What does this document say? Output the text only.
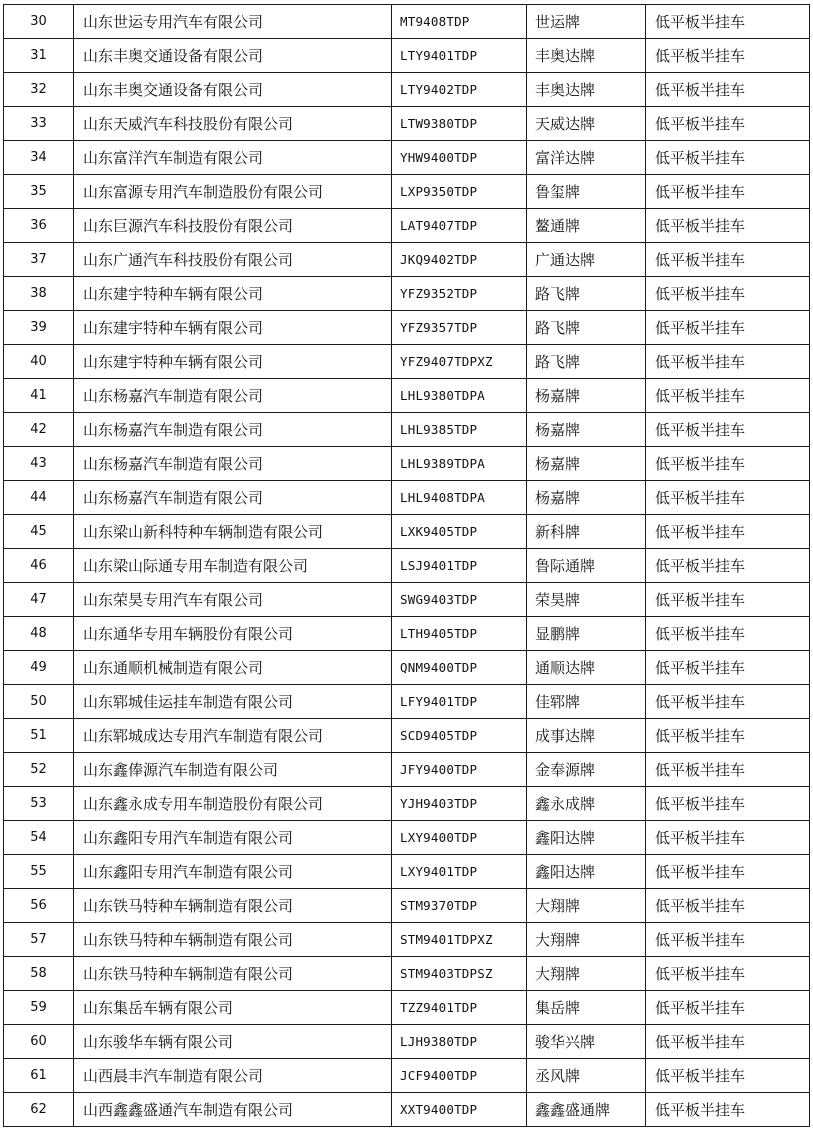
30	山东世运专用汽车有限公司	MT9408TDP	世运牌	低平板半挂车
31	山东丰奥交通设备有限公司	LTY9401TDP	丰奥达牌	低平板半挂车
32	山东丰奥交通设备有限公司	LTY9402TDP	丰奥达牌	低平板半挂车
33	山东天威汽车科技股份有限公司	LTW9380TDP	天威达牌	低平板半挂车
34	山东富洋汽车制造有限公司	YHW9400TDP	富洋达牌	低平板半挂车
35	山东富源专用汽车制造股份有限公司	LXP9350TDP	鲁玺牌	低平板半挂车
36	山东巨源汽车科技股份有限公司	LAT9407TDP	鳌通牌	低平板半挂车
37	山东广通汽车科技股份有限公司	JKQ9402TDP	广通达牌	低平板半挂车
38	山东建宇特种车辆有限公司	YFZ9352TDP	路飞牌	低平板半挂车
39	山东建宇特种车辆有限公司	YFZ9357TDP	路飞牌	低平板半挂车
40	山东建宇特种车辆有限公司	YFZ9407TDPXZ	路飞牌	低平板半挂车
41	山东杨嘉汽车制造有限公司	LHL9380TDPA	杨嘉牌	低平板半挂车
42	山东杨嘉汽车制造有限公司	LHL9385TDP	杨嘉牌	低平板半挂车
43	山东杨嘉汽车制造有限公司	LHL9389TDPA	杨嘉牌	低平板半挂车
44	山东杨嘉汽车制造有限公司	LHL9408TDPA	杨嘉牌	低平板半挂车
45	山东梁山新科特种车辆制造有限公司	LXK9405TDP	新科牌	低平板半挂车
46	山东梁山际通专用车制造有限公司	LSJ9401TDP	鲁际通牌	低平板半挂车
47	山东荣昊专用汽车有限公司	SWG9403TDP	荣昊牌	低平板半挂车
48	山东通华专用车辆股份有限公司	LTH9405TDP	显鹏牌	低平板半挂车
49	山东通顺机械制造有限公司	QNM9400TDP	通顺达牌	低平板半挂车
50	山东郓城佳运挂车制造有限公司	LFY9401TDP	佳郓牌	低平板半挂车
51	山东郓城成达专用汽车制造有限公司	SCD9405TDP	成事达牌	低平板半挂车
52	山东鑫俸源汽车制造有限公司	JFY9400TDP	金奉源牌	低平板半挂车
53	山东鑫永成专用车制造股份有限公司	YJH9403TDP	鑫永成牌	低平板半挂车
54	山东鑫阳专用汽车制造有限公司	LXY9400TDP	鑫阳达牌	低平板半挂车
55	山东鑫阳专用汽车制造有限公司	LXY9401TDP	鑫阳达牌	低平板半挂车
56	山东铁马特种车辆制造有限公司	STM9370TDP	大翔牌	低平板半挂车
57	山东铁马特种车辆制造有限公司	STM9401TDPXZ	大翔牌	低平板半挂车
58	山东铁马特种车辆制造有限公司	STM9403TDPSZ	大翔牌	低平板半挂车
59	山东集岳车辆有限公司	TZZ9401TDP	集岳牌	低平板半挂车
60	山东骏华车辆有限公司	LJH9380TDP	骏华兴牌	低平板半挂车
61	山西晨丰汽车制造有限公司	JCF9400TDP	丞风牌	低平板半挂车
62	山西鑫鑫盛通汽车制造有限公司	XXT9400TDP	鑫鑫盛通牌	低平板半挂车
